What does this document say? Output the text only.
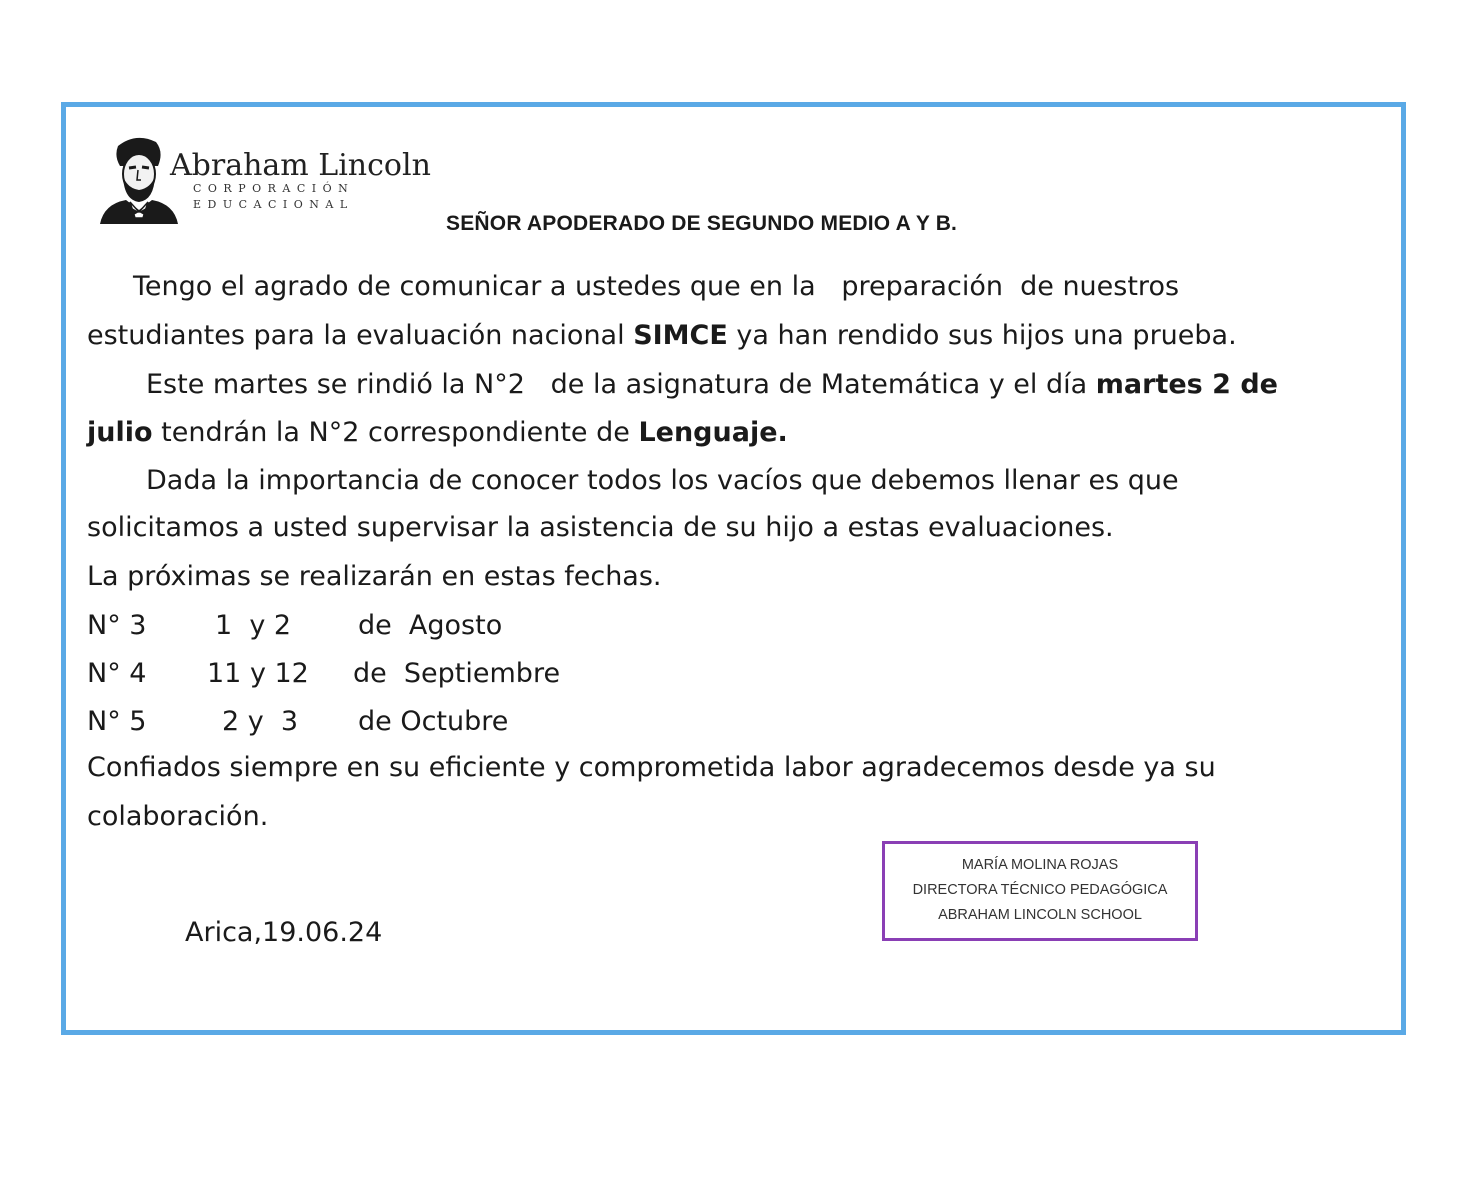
Abraham Lincoln
CORPORACIÓN
EDUCACIONAL
SEÑOR APODERADO DE SEGUNDO MEDIO A Y B.
Tengo el agrado de comunicar a ustedes que en la   preparación  de nuestros
estudiantes para la evaluación nacional SIMCE ya han rendido sus hijos una prueba.
Este martes se rindió la N°2   de la asignatura de Matemática y el día martes 2 de
julio tendrán la N°2 correspondiente de Lenguaje.
Dada la importancia de conocer todos los vacíos que debemos llenar es que
solicitamos a usted supervisar la asistencia de su hijo a estas evaluaciones.
La próximas se realizarán en estas fechas.
N° 3	1  y 2 de  Agosto
N° 4 11 y 12 de  Septiembre
N° 5	2 y  3 de Octubre
Confiados siempre en su eficiente y comprometida labor agradecemos desde ya su
colaboración.
Arica,19.06.24
MARÍA MOLINA ROJAS
DIRECTORA TÉCNICO PEDAGÓGICA
ABRAHAM LINCOLN SCHOOL
